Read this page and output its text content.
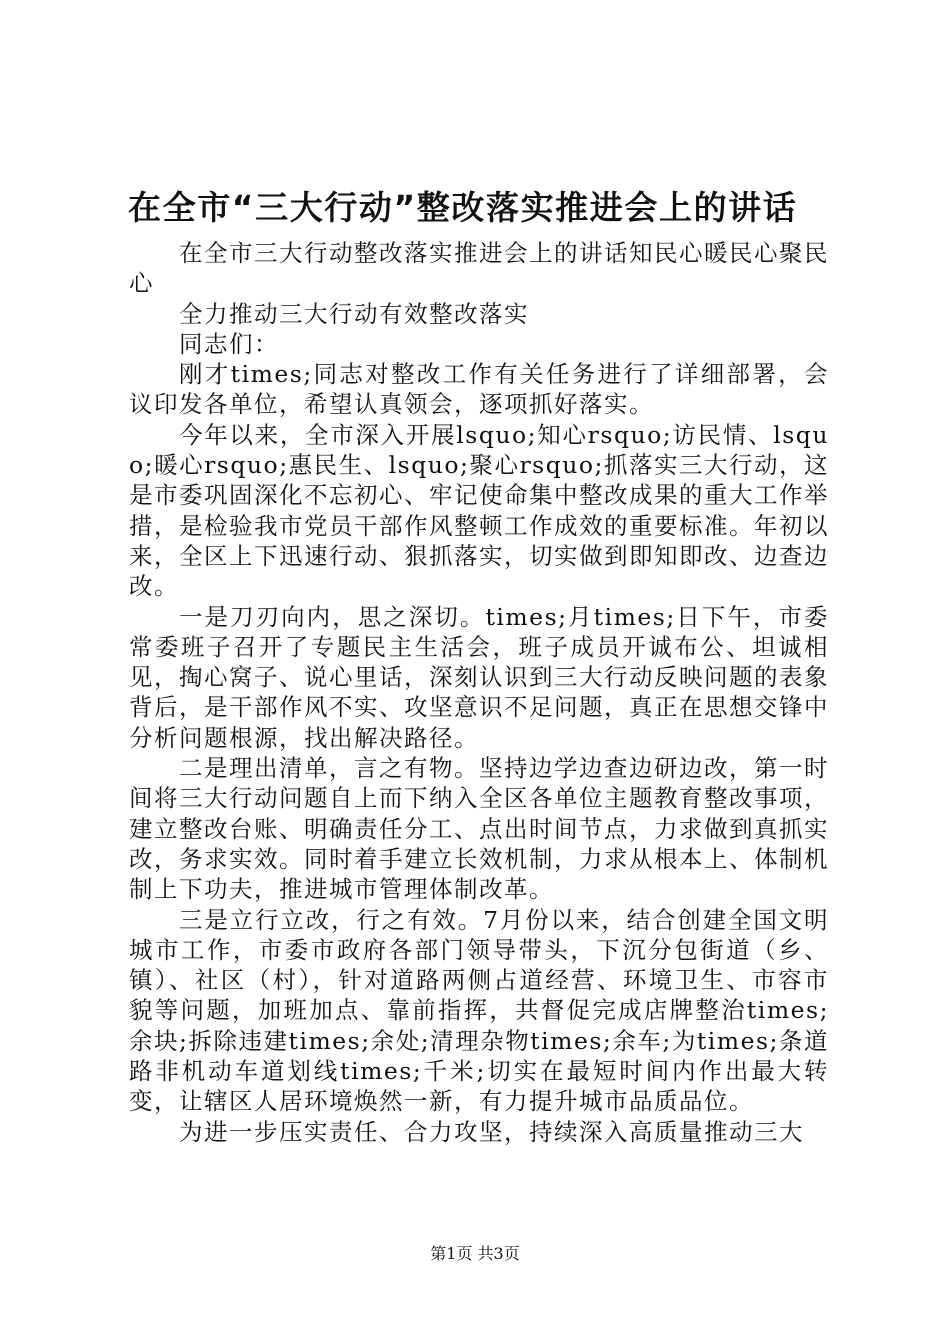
在全市“三大行动”整改落实推进会上的讲话

在全市三大行动整改落实推进会上的讲话知民心暖民心聚民心

全力推动三大行动有效整改落实

同志们：

刚才times;同志对整改工作有关任务进行了详细部署，会议印发各单位，希望认真领会，逐项抓好落实。

今年以来，全市深入开展lsquo;知心rsquo;访民情、lsquo;暖心rsquo;惠民生、lsquo;聚心rsquo;抓落实三大行动，这是市委巩固深化不忘初心、牢记使命集中整改成果的重大工作举措，是检验我市党员干部作风整顿工作成效的重要标准。年初以来，全区上下迅速行动、狠抓落实，切实做到即知即改、边查边改。

一是刀刃向内，思之深切。times;月times;日下午，市委常委班子召开了专题民主生活会，班子成员开诚布公、坦诚相见，掏心窝子、说心里话，深刻认识到三大行动反映问题的表象背后，是干部作风不实、攻坚意识不足问题，真正在思想交锋中分析问题根源，找出解决路径。

二是理出清单，言之有物。坚持边学边查边研边改，第一时间将三大行动问题自上而下纳入全区各单位主题教育整改事项，建立整改台账、明确责任分工、点出时间节点，力求做到真抓实改，务求实效。同时着手建立长效机制，力求从根本上、体制机制上下功夫，推进城市管理体制改革。

三是立行立改，行之有效。7月份以来，结合创建全国文明城市工作，市委市政府各部门领导带头，下沉分包街道（乡、镇）、社区（村），针对道路两侧占道经营、环境卫生、市容市貌等问题，加班加点、靠前指挥，共督促完成店牌整治times;余块;拆除违建times;余处;清理杂物times;余车;为times;条道路非机动车道划线times;千米;切实在最短时间内作出最大转变，让辖区人居环境焕然一新，有力提升城市品质品位。

为进一步压实责任、合力攻坚，持续深入高质量推动三大

第1页 共3页
